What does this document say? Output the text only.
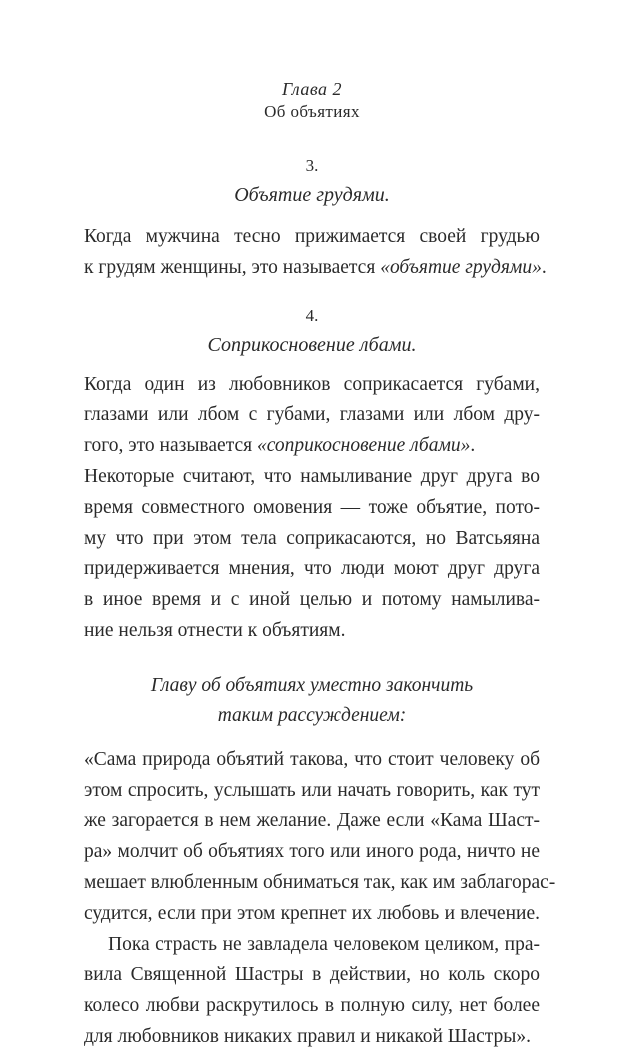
Глава 2
Об объятиях
3.
Объятие грудями.
Когда мужчина тесно прижимается своей грудью
к грудям женщины, это называется «объятие грудями».
4.
Соприкосновение лбами.
Когда один из любовников соприкасается губами,
глазами или лбом с губами, глазами или лбом дру-
гого, это называется «соприкосновение лбами».
Некоторые считают, что намыливание друг друга во
время совместного омовения — тоже объятие, пото-
му что при этом тела соприкасаются, но Ватсьяяна
придерживается мнения, что люди моют друг друга
в иное время и с иной целью и потому намылива-
ние нельзя отнести к объятиям.
Главу об объятиях уместно закончить
таким рассуждением:
«Сама природа объятий такова, что стоит человеку об
этом спросить, услышать или начать говорить, как тут
же загорается в нем желание. Даже если «Кама Шаст-
ра» молчит об объятиях того или иного рода, ничто не
мешает влюбленным обниматься так, как им заблагорас-
судится, если при этом крепнет их любовь и влечение.
Пока страсть не завладела человеком целиком, пра-
вила Священной Шастры в действии, но коль скоро
колесо любви раскрутилось в полную силу, нет более
для любовников никаких правил и никакой Шастры».
